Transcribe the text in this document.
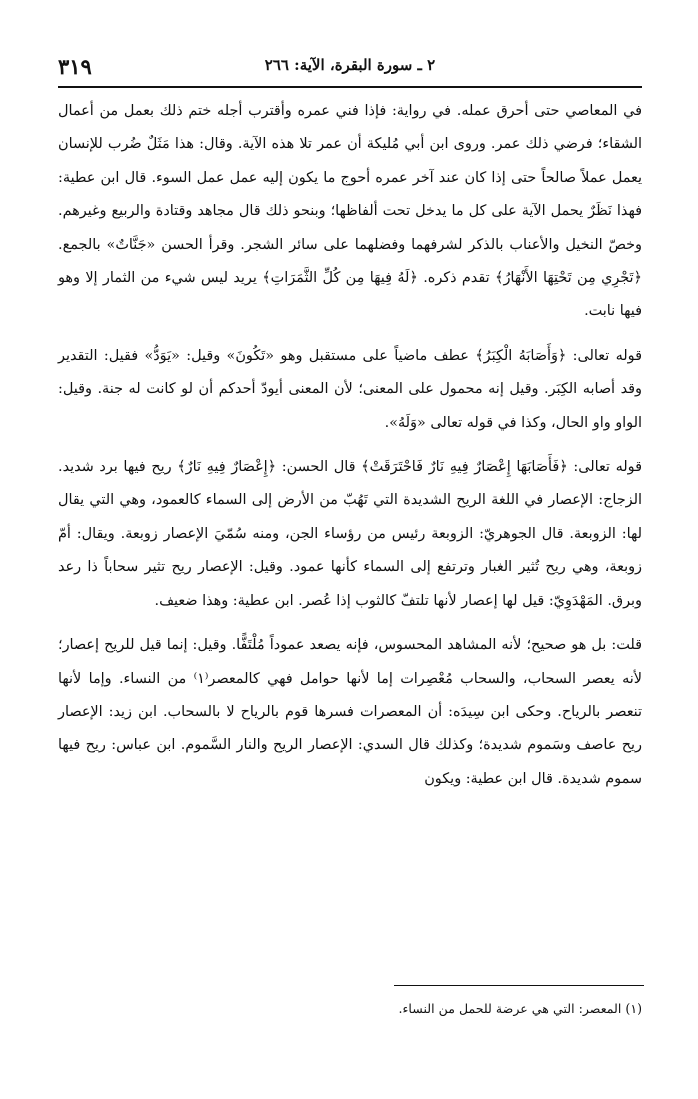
٣١٩	٢ ـ سورة البقرة، الآية: ٢٦٦

في المعاصي حتى أحرق عمله. في رواية: فإذا فني عمره وأقترب أجله ختم ذلك بعمل من أعمال الشقاء؛ فرضي ذلك عمر. وروى ابن أبي مُليكة أن عمر تلا هذه الآية. وقال: هذا مَثَلٌ ضُرب للإنسان يعمل عملاً صالحاً حتى إذا كان عند آخر عمره أحوج ما يكون إليه عمل عمل السوء. قال ابن عطية: فهذا نَظَرٌ يحمل الآية على كل ما يدخل تحت ألفاظها؛ وبنحو ذلك قال مجاهد وقتادة والربيع وغيرهم. وخصّ النخيل والأعناب بالذكر لشرفهما وفضلهما على سائر الشجر. وقرأ الحسن «جَنَّاتٌ» بالجمع. ﴿تَجْرِي مِن تَحْتِهَا الأَنْهَارُ﴾ تقدم ذكره. ﴿لَهُ فِيهَا مِن كُلِّ الثَّمَرَاتِ﴾ يريد ليس شيء من الثمار إلا وهو فيها نابت.

قوله تعالى: ﴿وَأَصَابَهُ الْكِبَرُ﴾ عطف ماضياً على مستقبل وهو «تَكُونَ» وقيل: «يَوَدُّ» فقيل: التقدير وقد أصابه الكِبَر. وقيل إنه محمول على المعنى؛ لأن المعنى أيودّ أحدكم أن لو كانت له جنة. وقيل: الواو واو الحال، وكذا في قوله تعالى «وَلَهُ».

قوله تعالى: ﴿فَأَصَابَهَا إِعْصَارٌ فِيهِ نَارٌ فَاحْتَرَقَتْ﴾ قال الحسن: ﴿إِعْصَارٌ فِيهِ نَارٌ﴾ ريح فيها برد شديد. الزجاج: الإعصار في اللغة الريح الشديدة التي تَهُبّ من الأرض إلى السماء كالعمود، وهي التي يقال لها: الزوبعة. قال الجوهريّ: الزوبعة رئيس من رؤساء الجن، ومنه سُمّيَ الإعصار زوبعة. ويقال: أمّ زوبعة، وهي ريح تُثير الغبار وترتفع إلى السماء كأنها عمود. وقيل: الإعصار ريح تثير سحاباً ذا رعد وبرق. المَهْدَوِيّ: قيل لها إعصار لأنها تلتفّ كالثوب إذا عُصر. ابن عطية: وهذا ضعيف.

قلت: بل هو صحيح؛ لأنه المشاهد المحسوس، فإنه يصعد عموداً مُلْتَفًّا. وقيل: إنما قيل للريح إعصار؛ لأنه يعصر السحاب، والسحاب مُعْصِرات إما لأنها حوامل فهي كالمعصر⁽١⁾ من النساء. وإما لأنها تنعصر بالرياح. وحكى ابن سِيدَه: أن المعصرات فسرها قوم بالرياح لا بالسحاب. ابن زيد: الإعصار ريح عاصف وسَموم شديدة؛ وكذلك قال السدي: الإعصار الريح والنار السَّموم. ابن عباس: ريح فيها سموم شديدة. قال ابن عطية: ويكون

(١) المعصر: التي هي عرضة للحمل من النساء.
